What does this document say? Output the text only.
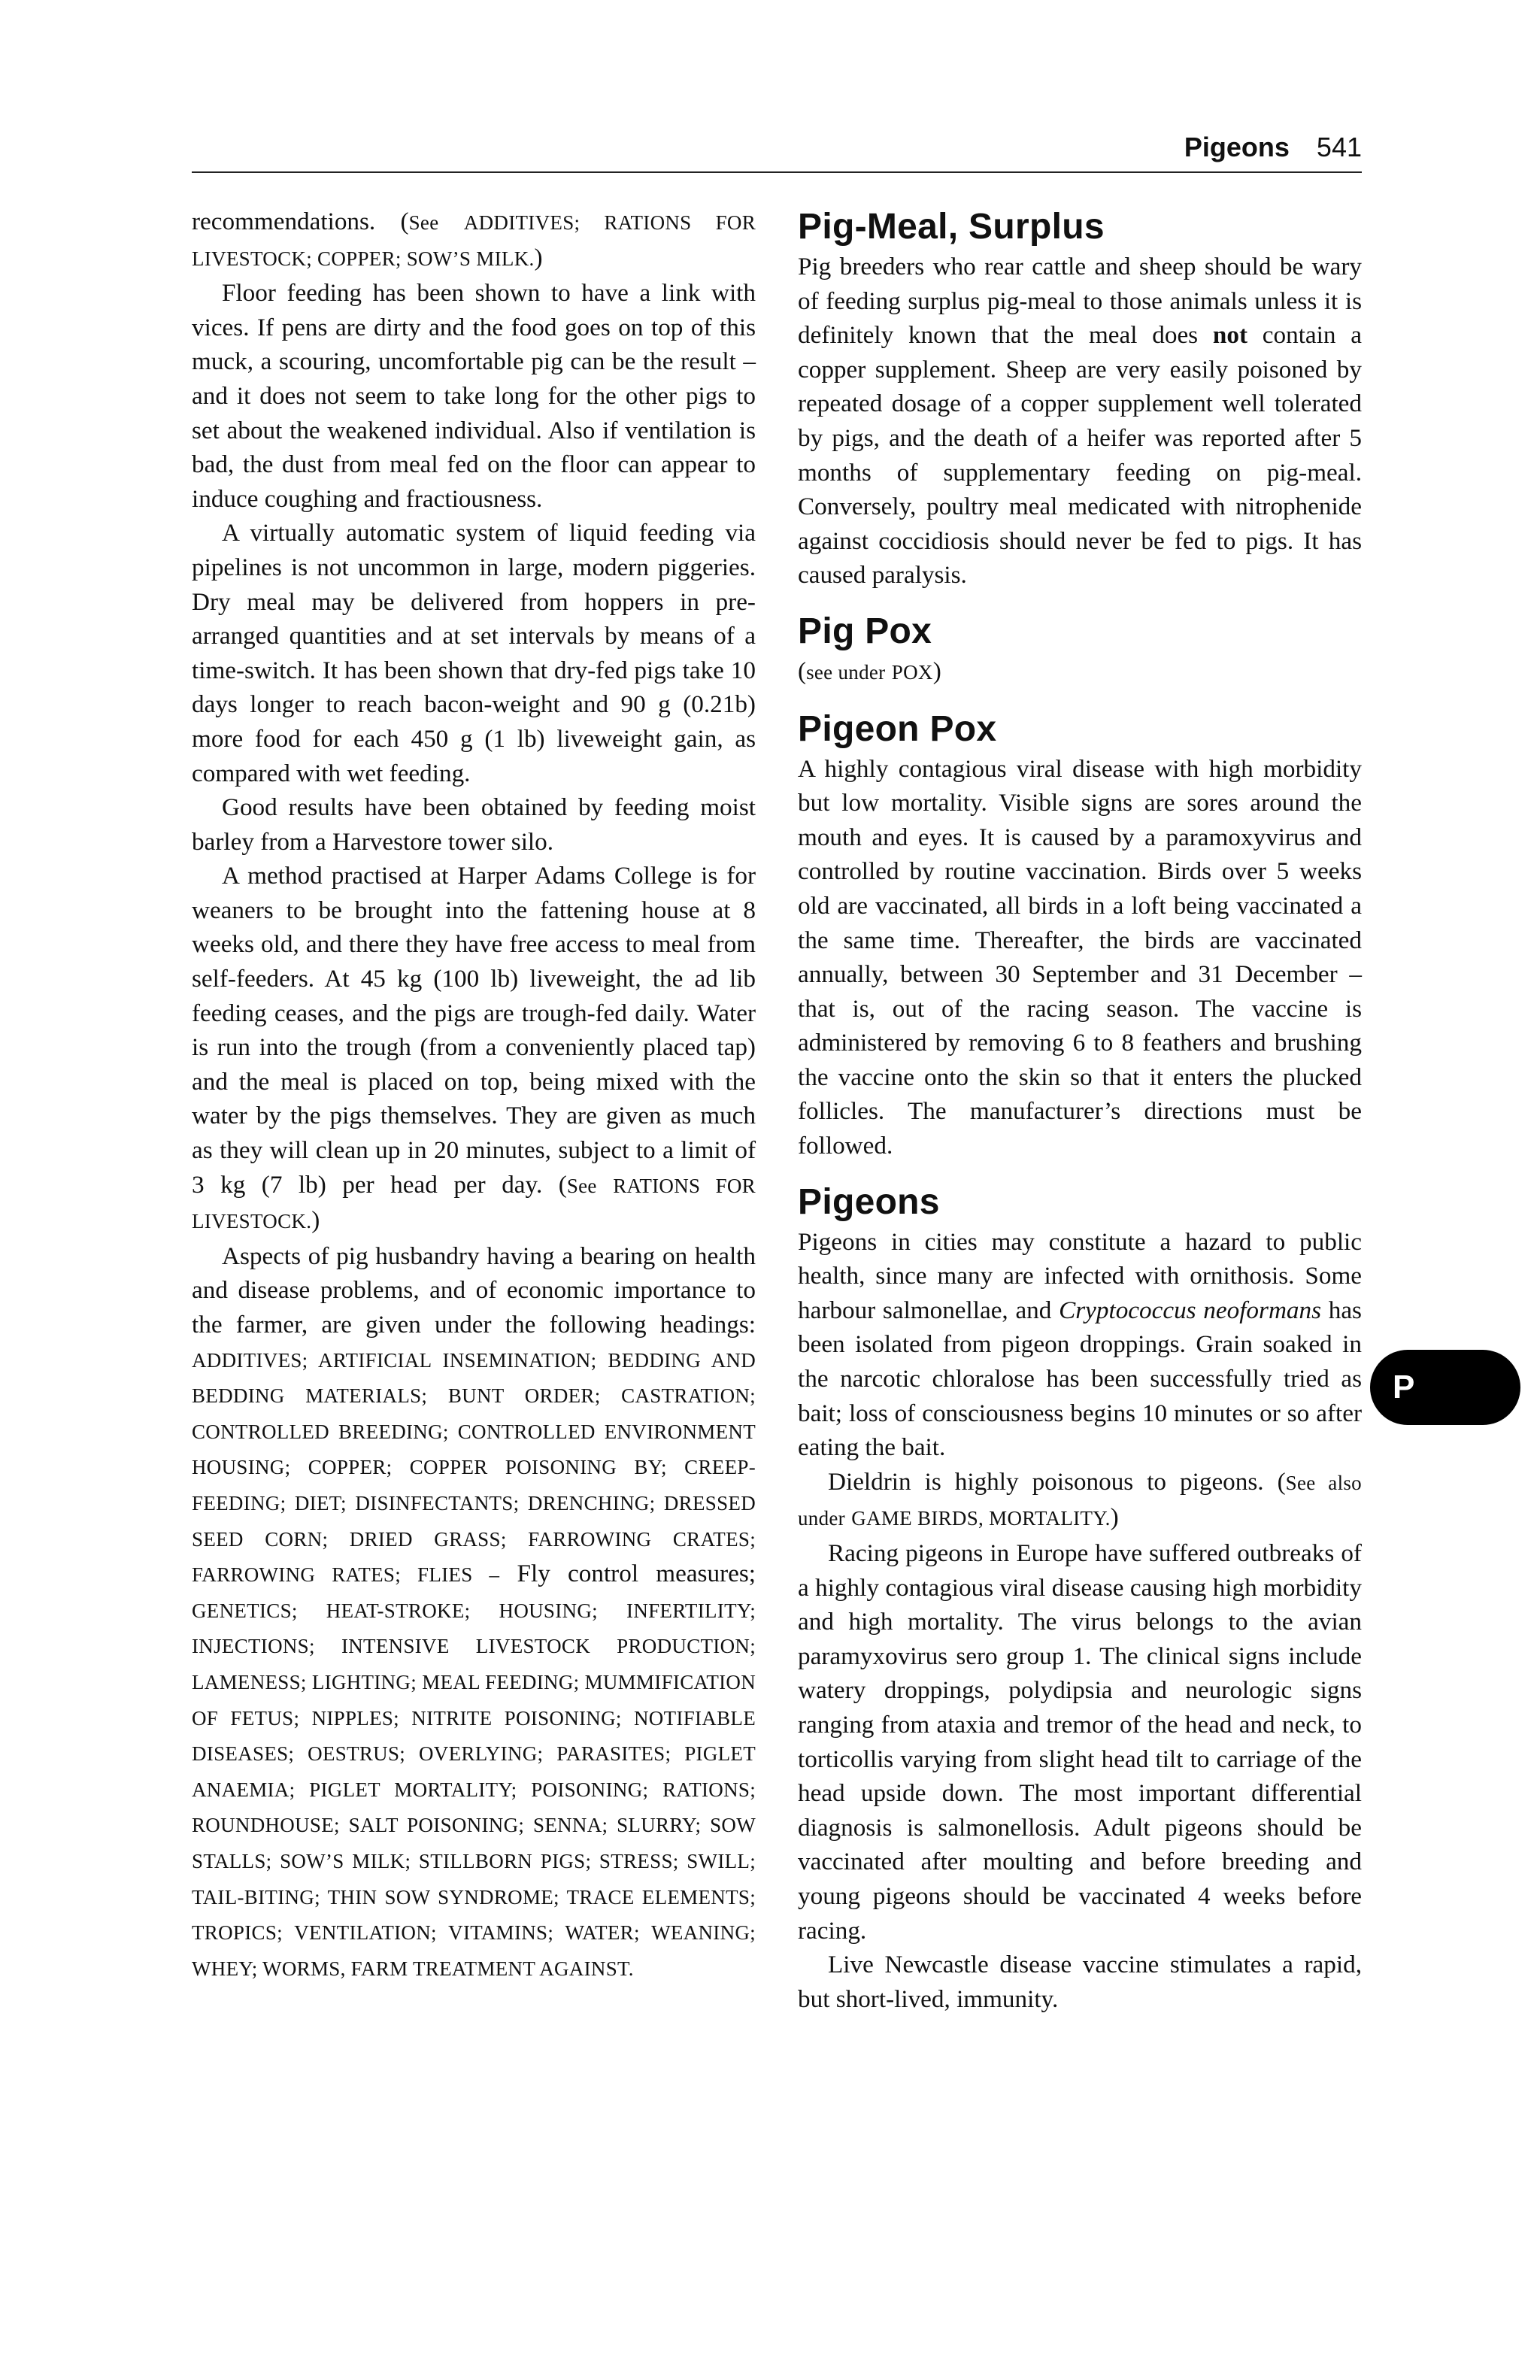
Pigeons 541

recommendations. (See ADDITIVES; RATIONS FOR LIVESTOCK; COPPER; SOW’S MILK.)

Floor feeding has been shown to have a link with vices. If pens are dirty and the food goes on top of this muck, a scouring, uncomfortable pig can be the result – and it does not seem to take long for the other pigs to set about the weakened individual. Also if ventilation is bad, the dust from meal fed on the floor can appear to induce coughing and fractiousness.

A virtually automatic system of liquid feeding via pipelines is not uncommon in large, modern piggeries. Dry meal may be delivered from hoppers in pre-arranged quantities and at set intervals by means of a time-switch. It has been shown that dry-fed pigs take 10 days longer to reach bacon-weight and 90 g (0.21b) more food for each 450 g (1 lb) liveweight gain, as compared with wet feeding.

Good results have been obtained by feeding moist barley from a Harvestore tower silo.

A method practised at Harper Adams College is for weaners to be brought into the fattening house at 8 weeks old, and there they have free access to meal from self-feeders. At 45 kg (100 lb) liveweight, the ad lib feeding ceases, and the pigs are trough-fed daily. Water is run into the trough (from a conveniently placed tap) and the meal is placed on top, being mixed with the water by the pigs themselves. They are given as much as they will clean up in 20 minutes, subject to a limit of 3 kg (7 lb) per head per day. (See RATIONS FOR LIVESTOCK.)

Aspects of pig husbandry having a bearing on health and disease problems, and of economic importance to the farmer, are given under the following headings: ADDITIVES; ARTIFICIAL INSEMINATION; BEDDING AND BEDDING MATERIALS; BUNT ORDER; CASTRATION; CONTROLLED BREEDING; CONTROLLED ENVIRONMENT HOUSING; COPPER; COPPER POISONING BY; CREEP-FEEDING; DIET; DISINFECTANTS; DRENCHING; DRESSED SEED CORN; DRIED GRASS; FARROWING CRATES; FARROWING RATES; FLIES – Fly control measures; GENETICS; HEAT-STROKE; HOUSING; INFERTILITY; INJECTIONS; INTENSIVE LIVESTOCK PRODUCTION; LAMENESS; LIGHTING; MEAL FEEDING; MUMMIFICATION OF FETUS; NIPPLES; NITRITE POISONING; NOTIFIABLE DISEASES; OESTRUS; OVERLYING; PARASITES; PIGLET ANAEMIA; PIGLET MORTALITY; POISONING; RATIONS; ROUNDHOUSE; SALT POISONING; SENNA; SLURRY; SOW STALLS; SOW’S MILK; STILLBORN PIGS; STRESS; SWILL; TAIL-BITING; THIN SOW SYNDROME; TRACE ELEMENTS; TROPICS; VENTILATION; VITAMINS; WATER; WEANING; WHEY; WORMS, FARM TREATMENT AGAINST.

Pig-Meal, Surplus

Pig breeders who rear cattle and sheep should be wary of feeding surplus pig-meal to those animals unless it is definitely known that the meal does not contain a copper supplement. Sheep are very easily poisoned by repeated dosage of a copper supplement well tolerated by pigs, and the death of a heifer was reported after 5 months of supplementary feeding on pig-meal. Conversely, poultry meal medicated with nitrophenide against coccidiosis should never be fed to pigs. It has caused paralysis.

Pig Pox

(see under POX)

Pigeon Pox

A highly contagious viral disease with high morbidity but low mortality. Visible signs are sores around the mouth and eyes. It is caused by a paramoxyvirus and controlled by routine vaccination. Birds over 5 weeks old are vaccinated, all birds in a loft being vaccinated a the same time. Thereafter, the birds are vaccinated annually, between 30 September and 31 December – that is, out of the racing season. The vaccine is administered by removing 6 to 8 feathers and brushing the vaccine onto the skin so that it enters the plucked follicles. The manufacturer’s directions must be followed.

Pigeons

Pigeons in cities may constitute a hazard to public health, since many are infected with ornithosis. Some harbour salmonellae, and Cryptococcus neoformans has been isolated from pigeon droppings. Grain soaked in the narcotic chloralose has been successfully tried as bait; loss of consciousness begins 10 minutes or so after eating the bait.

Dieldrin is highly poisonous to pigeons. (See also under GAME BIRDS, MORTALITY.)

Racing pigeons in Europe have suffered outbreaks of a highly contagious viral disease causing high morbidity and high mortality. The virus belongs to the avian paramyxovirus sero group 1. The clinical signs include watery droppings, polydipsia and neurologic signs ranging from ataxia and tremor of the head and neck, to torticollis varying from slight head tilt to carriage of the head upside down. The most important differential diagnosis is salmonellosis. Adult pigeons should be vaccinated after moulting and before breeding and young pigeons should be vaccinated 4 weeks before racing.

Live Newcastle disease vaccine stimulates a rapid, but short-lived, immunity.

P
